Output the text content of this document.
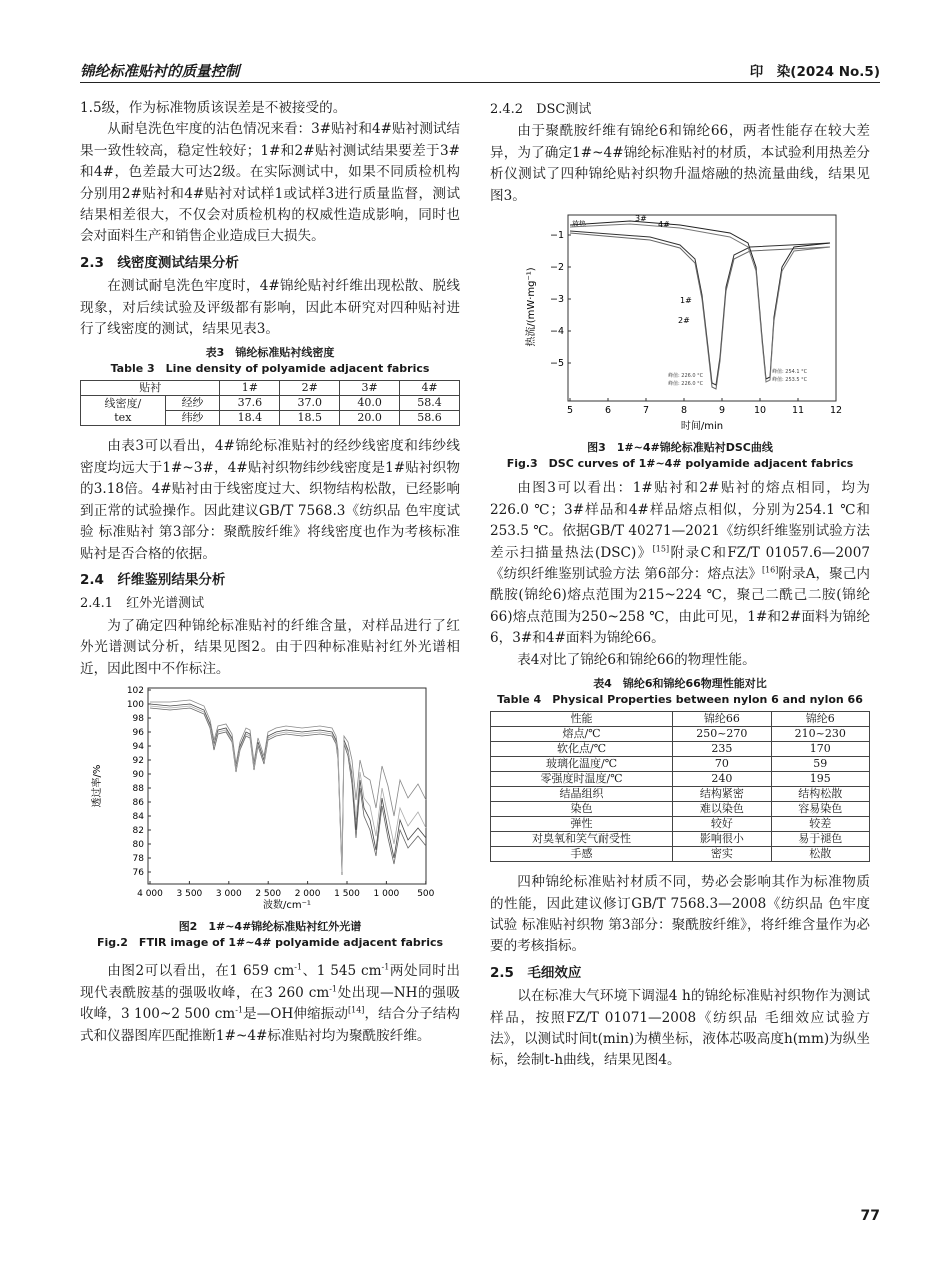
锦纶标准贴衬的质量控制	印　染(2024 No.5)

1.5级，作为标准物质该误差是不被接受的。

从耐皂洗色牢度的沾色情况来看：3#贴衬和4#贴衬测试结果一致性较高，稳定性较好；1#和2#贴衬测试结果要差于3#和4#，色差最大可达2级。在实际测试中，如果不同质检机构分别用2#贴衬和4#贴衬对试样1或试样3进行质量监督，测试结果相差很大，不仅会对质检机构的权威性造成影响，同时也会对面料生产和销售企业造成巨大损失。

2.3　线密度测试结果分析

在测试耐皂洗色牢度时，4#锦纶贴衬纤维出现松散、脱线现象，对后续试验及评级都有影响，因此本研究对四种贴衬进行了线密度的测试，结果见表3。

表3　锦纶标准贴衬线密度
Table 3　Line density of polyamide adjacent fabrics
贴衬		1#	2#	3#	4#
线密度/
tex	经纱	37.6	37.0	40.0	58.4
	纬纱	18.4	18.5	20.0	58.6

由表3可以看出，4#锦纶标准贴衬的经纱线密度和纬纱线密度均远大于1#~3#，4#贴衬织物纬纱线密度是1#贴衬织物的3.18倍。4#贴衬由于线密度过大、织物结构松散，已经影响到正常的试验操作。因此建议GB/T 7568.3《纺织品 色牢度试验 标准贴衬 第3部分：聚酰胺纤维》将线密度也作为考核标准贴衬是否合格的依据。

2.4　纤维鉴别结果分析
2.4.1　红外光谱测试

为了确定四种锦纶标准贴衬的纤维含量，对样品进行了红外光谱测试分析，结果见图2。由于四种标准贴衬红外光谱相近，因此图中不作标注。

102
100
98
96
94
92
90
88
86
84
82
80
78
76
4 000 3 500 3 000 2 500 2 000 1 500 1 000 500
透过率/%
波数/cm⁻¹
图2　1#~4#锦纶标准贴衬红外光谱
Fig.2　FTIR image of 1#~4# polyamide adjacent fabrics

由图2可以看出，在1 659 $cm^{-1}$、1 545 $cm^{-1}$两处同时出现代表酰胺基的强吸收峰，在3 260 $cm^{-1}$处出现—NH的强吸收峰，3 100~2 500 $cm^{-1}$是—OH伸缩振动[14]，结合分子结构式和仪器图库匹配推断1#~4#标准贴衬均为聚酰胺纤维。

2.4.2　DSC测试

由于聚酰胺纤维有锦纶6和锦纶66，两者性能存在较大差异，为了确定1#~4#锦纶标准贴衬的材质，本试验利用热差分析仪测试了四种锦纶贴衬织物升温熔融的热流量曲线，结果见图3。

放热
−1
−2
−3
−4
−5
5	6	7	8	9	10	11	12
热流/(mW·mg⁻¹)
时间/min
3#
4#
1#
2#
峰值: 226.0 °C
峰值: 226.0 °C
峰值: 254.1 °C
峰值: 253.5 °C
图3　1#~4#锦纶标准贴衬DSC曲线
Fig.3　DSC curves of 1#~4# polyamide adjacent fabrics

由图3可以看出：1#贴衬和2#贴衬的熔点相同，均为226.0 ℃；3#样品和4#样品熔点相似，分别为254.1 ℃和253.5 ℃。依据GB/T 40271—2021《纺织纤维鉴别试验方法 差示扫描量热法(DSC)》[15]附录C和FZ/T 01057.6—2007《纺织纤维鉴别试验方法 第6部分：熔点法》[16]附录A，聚己内酰胺(锦纶6)熔点范围为215~224 ℃，聚己二酰己二胺(锦纶66)熔点范围为250~258 ℃，由此可见，1#和2#面料为锦纶6，3#和4#面料为锦纶66。

表4对比了锦纶6和锦纶66的物理性能。

表4　锦纶6和锦纶66物理性能对比
Table 4　Physical Properties between nylon 6 and nylon 66
性能	锦纶66	锦纶6
熔点/℃	250~270	210~230
软化点/℃	235	170
玻璃化温度/℃	70	59
零强度时温度/℃	240	195
结晶组织	结构紧密	结构松散
染色	难以染色	容易染色
弹性	较好	较差
对臭氧和笑气耐受性	影响很小	易于褪色
手感	密实	松散

四种锦纶标准贴衬材质不同，势必会影响其作为标准物质的性能，因此建议修订GB/T 7568.3—2008《纺织品 色牢度试验 标准贴衬织物 第3部分：聚酰胺纤维》，将纤维含量作为必要的考核指标。

2.5　毛细效应

以在标准大气环境下调湿4 h的锦纶标准贴衬织物作为测试样品，按照FZ/T 01071—2008《纺织品 毛细效应试验方法》，以测试时间t(min)为横坐标，液体芯吸高度h(mm)为纵坐标，绘制t-h曲线，结果见图4。

77
